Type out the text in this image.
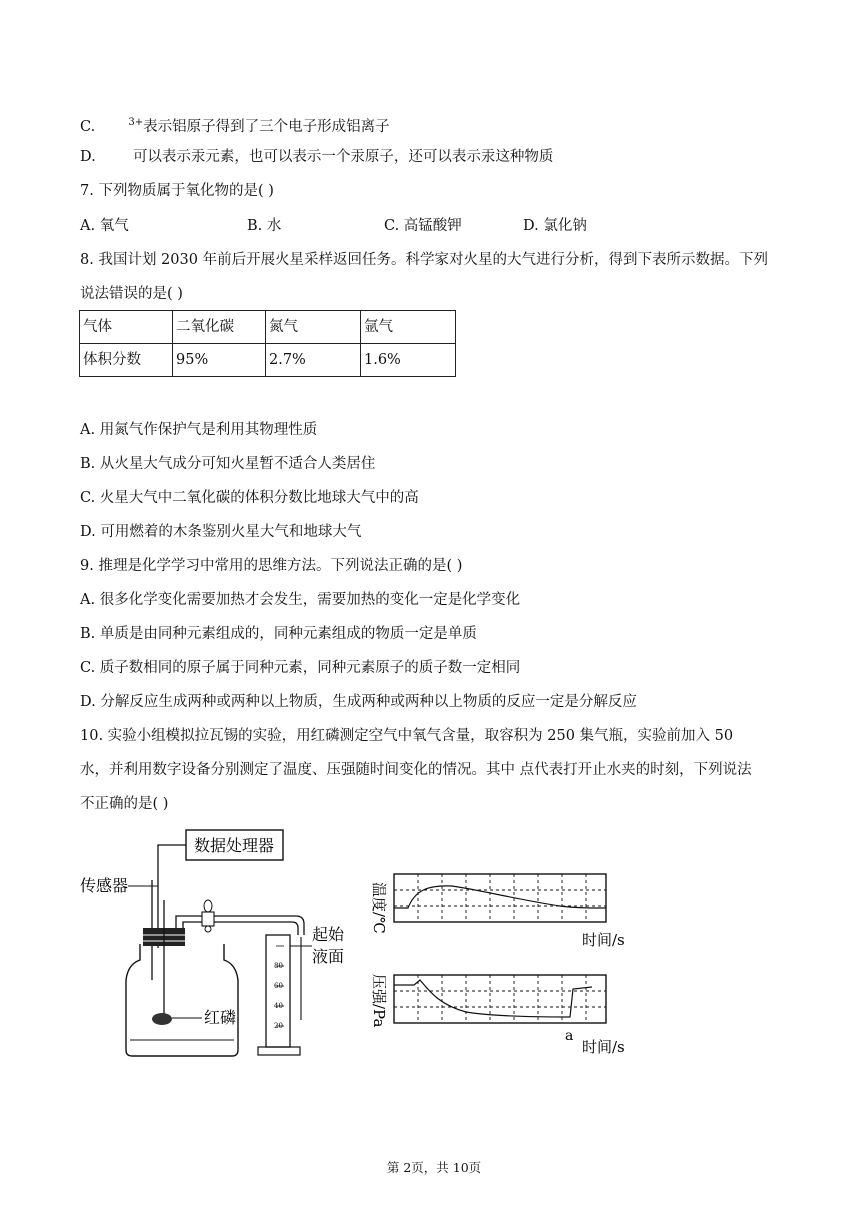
C.	$^{3+}$表示铝原子得到了三个电子形成铝离子
D.	可以表示汞元素，也可以表示一个汞原子，还可以表示汞这种物质
7. 下列物质属于氧化物的是( )
A. 氧气	B. 水	C. 高锰酸钾	D. 氯化钠
8. 我国计划 2030 年前后开展火星采样返回任务。科学家对火星的大气进行分析，得到下表所示数据。下列
说法错误的是( )
气体	二氧化碳	氮气	氩气
体积分数	95%	2.7%	1.6%
A. 用氮气作保护气是利用其物理性质
B. 从火星大气成分可知火星暂不适合人类居住
C. 火星大气中二氧化碳的体积分数比地球大气中的高
D. 可用燃着的木条鉴别火星大气和地球大气
9. 推理是化学学习中常用的思维方法。下列说法正确的是( )
A. 很多化学变化需要加热才会发生，需要加热的变化一定是化学变化
B. 单质是由同种元素组成的，同种元素组成的物质一定是单质
C. 质子数相同的原子属于同种元素，同种元素原子的质子数一定相同
D. 分解反应生成两种或两种以上物质，生成两种或两种以上物质的反应一定是分解反应
10. 实验小组模拟拉瓦锡的实验，用红磷测定空气中氧气含量，取容积为 250 集气瓶，实验前加入 50
水，并利用数字设备分别测定了温度、压强随时间变化的情况。其中 点代表打开止水夹的时刻，下列说法
不正确的是( )
数据处理器
传感器
红磷
80
60
40
20
起始
液面
温度/℃
时间/s
压强/Pa
a
时间/s
第 2页，共 10页
